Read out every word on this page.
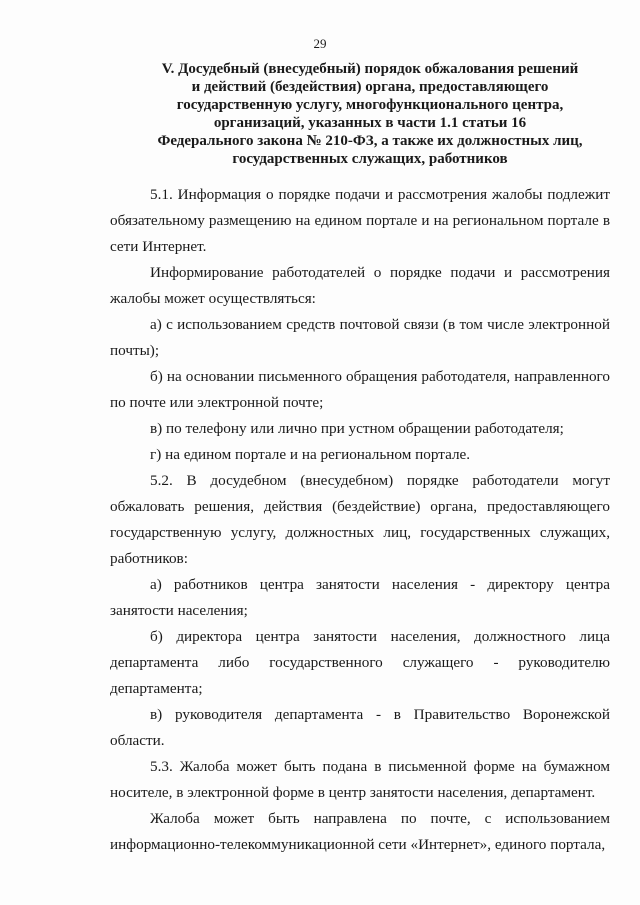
29
V. Досудебный (внесудебный) порядок обжалования решений
и действий (бездействия) органа, предоставляющего
государственную услугу, многофункционального центра,
организаций, указанных в части 1.1 статьи 16
Федерального закона № 210-ФЗ, а также их должностных лиц,
государственных служащих, работников

5.1. Информация о порядке подачи и рассмотрения жалобы подлежит обязательному размещению на едином портале и на региональном портале в сети Интернет.

Информирование работодателей о порядке подачи и рассмотрения жалобы может осуществляться:

а) с использованием средств почтовой связи (в том числе электронной почты);

б) на основании письменного обращения работодателя, направленного по почте или электронной почте;

в) по телефону или лично при устном обращении работодателя;

г) на едином портале и на региональном портале.

5.2. В досудебном (внесудебном) порядке работодатели могут обжаловать решения, действия (бездействие) органа, предоставляющего государственную услугу, должностных лиц, государственных служащих, работников:

а) работников центра занятости населения - директору центра занятости населения;

б) директора центра занятости населения, должностного лица департамента либо государственного служащего - руководителю департамента;

в) руководителя департамента - в Правительство Воронежской области.

5.3. Жалоба может быть подана в письменной форме на бумажном носителе, в электронной форме в центр занятости населения, департамент.

Жалоба может быть направлена по почте, с использованием информационно-телекоммуникационной сети «Интернет», единого портала,
